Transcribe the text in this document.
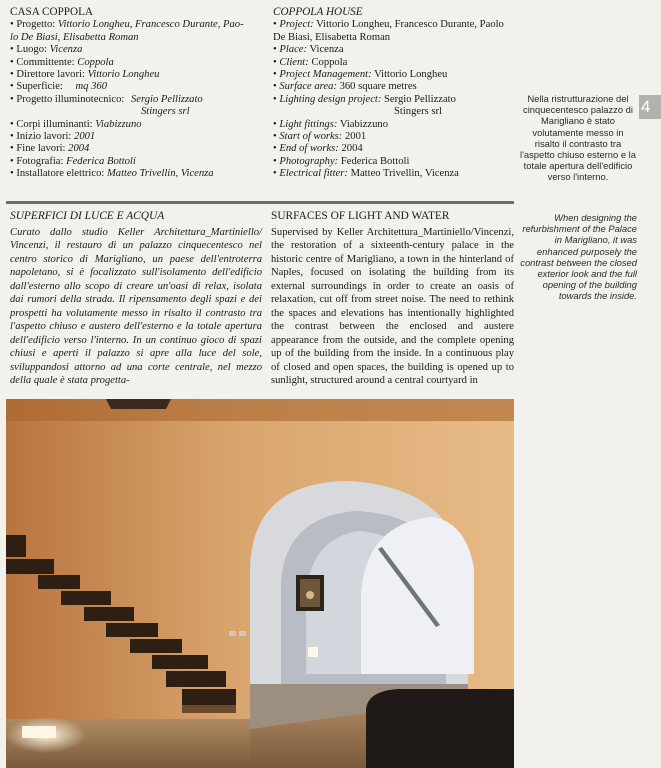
CASA COPPOLA
• Progetto: Vittorio Longheu, Francesco Durante, Pao-
lo De Biasi, Elisabetta Roman
• Luogo: Vicenza
• Committente: Coppola
• Direttore lavori: Vittorio Longheu
• Superficie: mq 360
• Progetto illuminotecnico: Sergio Pellizzato
Stingers srl
• Corpi illuminanti: Viabizzuno
• Inizio lavori: 2001
• Fine lavori: 2004
• Fotografia: Federica Bottoli
• Installatore elettrico: Matteo Trivellin, Vicenza
COPPOLA HOUSE
• Project: Vittorio Longheu, Francesco Durante, Paolo
De Biasi, Elisabetta Roman
• Place: Vicenza
• Client: Coppola
• Project Management: Vittorio Longheu
• Surface area: 360 square metres
• Lighting design project: Sergio Pellizzato
Stingers srl
• Light fittings: Viabizzuno
• Start of works: 2001
• End of works: 2004
• Photography: Federica Bottoli
• Electrical fitter: Matteo Trivellin, Vicenza
SUPERFICI DI LUCE E ACQUA
Curato dallo studio Keller Architettura_Martiniello/ Vincenzi, il restauro di un palazzo cinquecentesco nel centro storico di Marigliano, un paese dell'entroterra napoletano, si è focalizzato sull'isolamento dell'edificio dall'esterno allo scopo di creare un'oasi di relax, isolata dai rumori della strada. Il ripensamento degli spazi e dei prospetti ha volutamente messo in risalto il contrasto tra l'aspetto chiuso e austero dell'esterno e la totale apertura dell'edificio verso l'interno. In un continuo gioco di spazi chiusi e aperti il palazzo si apre alla luce del sole, sviluppandosi attorno ad una corte centrale, nel mezzo della quale è stata progetta-
SURFACES OF LIGHT AND WATER
Supervised by Keller Architettura_Martiniello/Vincenzi, the restoration of a sixteenth-century palace in the historic centre of Marigliano, a town in the hinterland of Naples, focused on isolating the building from its external surroundings in order to create an oasis of relaxation, cut off from street noise. The need to rethink the spaces and elevations has intentionally highlighted the contrast between the enclosed and austere appearance from the outside, and the complete opening up of the building from the inside. In a continuous play of closed and open spaces, the building is opened up to sunlight, structured around a central courtyard in
Nella ristrutturazione del cinquecentesco palazzo di Marigliano è stato volutamente messo in risalto il contrasto tra l'aspetto chiuso esterno e la totale apertura dell'edificio verso l'interno.
When designing the refurbishment of the Palace in Marigliano, it was enhanced purposely the contrast between the closed exterior look and the full opening of the building towards the inside.
4
